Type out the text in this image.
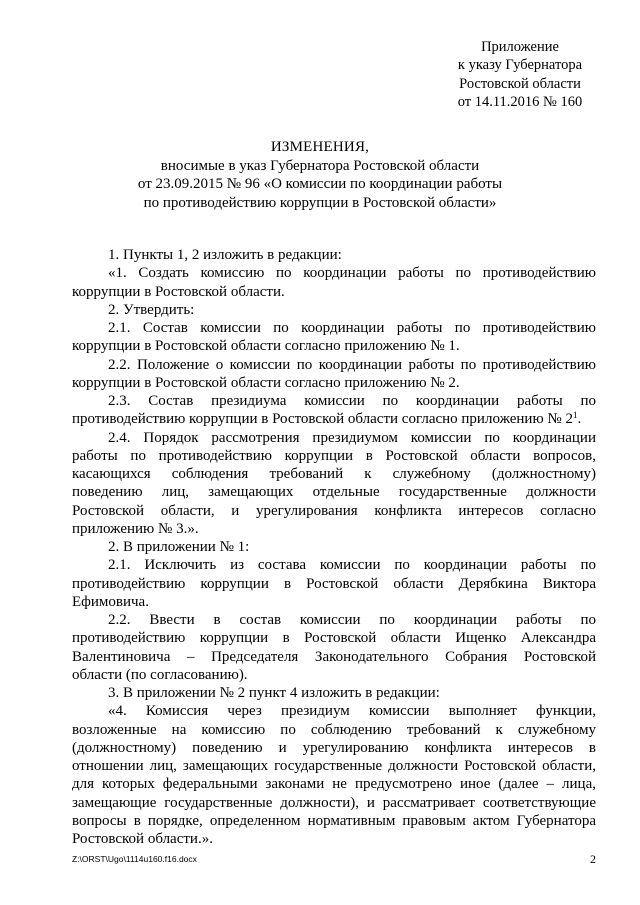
Приложение
к указу Губернатора
Ростовской области
от 14.11.2016 № 160
ИЗМЕНЕНИЯ,
вносимые в указ Губернатора Ростовской области
от 23.09.2015 № 96 «О комиссии по координации работы
по противодействию коррупции в Ростовской области»
1. Пункты 1, 2 изложить в редакции:
«1. Создать комиссию по координации работы по противодействию
коррупции в Ростовской области.
2. Утвердить:
2.1. Состав комиссии по координации работы по противодействию
коррупции в Ростовской области согласно приложению № 1.
2.2. Положение о комиссии по координации работы по противодействию
коррупции в Ростовской области согласно приложению № 2.
2.3. Состав президиума комиссии по координации работы по
противодействию коррупции в Ростовской области согласно приложению № $2^1$.
2.4. Порядок рассмотрения президиумом комиссии по координации
работы по противодействию коррупции в Ростовской области вопросов,
касающихся соблюдения требований к служебному (должностному)
поведению лиц, замещающих отдельные государственные должности
Ростовской области, и урегулирования конфликта интересов согласно
приложению № 3.».
2. В приложении № 1:
2.1. Исключить из состава комиссии по координации работы по
противодействию коррупции в Ростовской области Дерябкина Виктора
Ефимовича.
2.2. Ввести в состав комиссии по координации работы по
противодействию коррупции в Ростовской области Ищенко Александра
Валентиновича – Председателя Законодательного Собрания Ростовской
области (по согласованию).
3. В приложении № 2 пункт 4 изложить в редакции:
«4. Комиссия через президиум комиссии выполняет функции,
возложенные на комиссию по соблюдению требований к служебному
(должностному) поведению и урегулированию конфликта интересов в
отношении лиц, замещающих государственные должности Ростовской области,
для которых федеральными законами не предусмотрено иное (далее – лица,
замещающие государственные должности), и рассматривает соответствующие
вопросы в порядке, определенном нормативным правовым актом Губернатора
Ростовской области.».
Z:\ORST\Ugo\1114u160.f16.docx	2
